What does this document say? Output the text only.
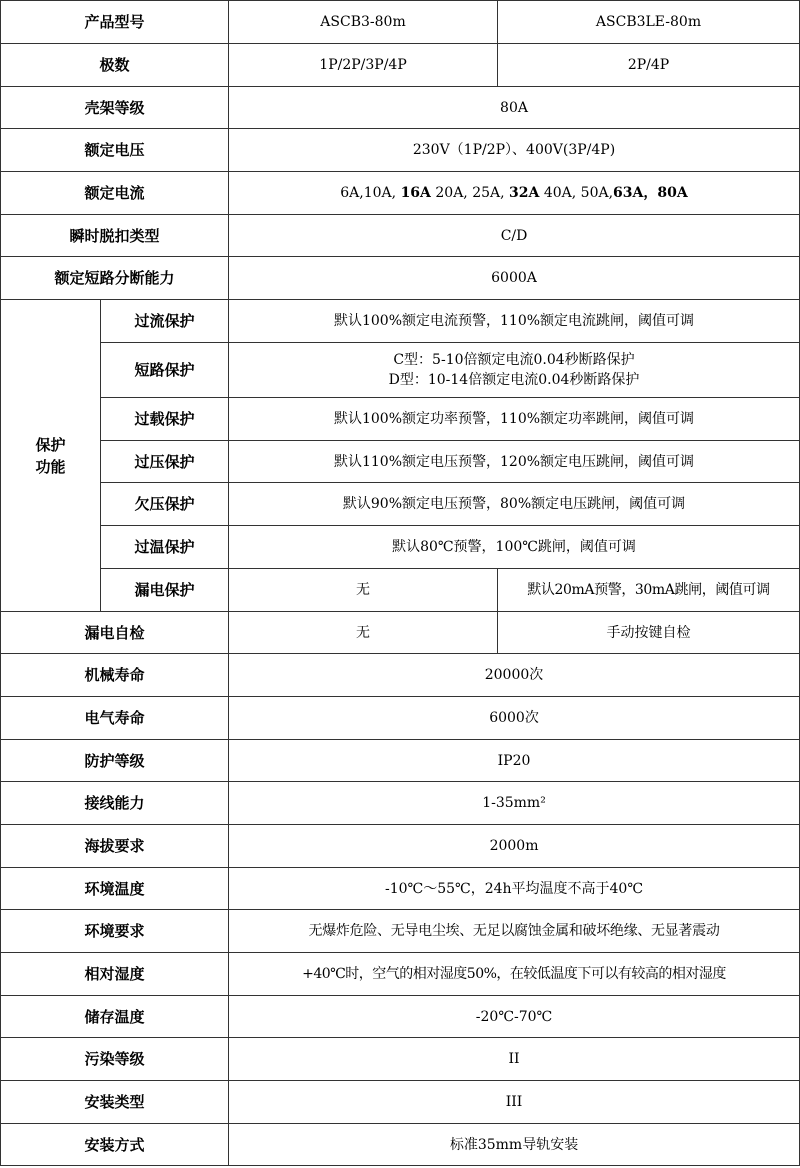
产品型号		ASCB3-80m	ASCB3LE-80m
极数		1P/2P/3P/4P	2P/4P
壳架等级		80A	
额定电压		230V（1P/2P）、400V(3P/4P)	
额定电流		6A,10A, 16A 20A, 25A, 32A 40A, 50A,63A，80A	
瞬时脱扣类型		C/D	
额定短路分断能力		6000A	
保护功能	过流保护	默认100%额定电流预警，110%额定电流跳闸，阈值可调	
	短路保护	C型：5-10倍额定电流0.04秒断路保护
D型：10-14倍额定电流0.04秒断路保护	

	过载保护	默认100%额定功率预警，110%额定功率跳闸，阈值可调	
	过压保护	默认110%额定电压预警，120%额定电压跳闸，阈值可调	
	欠压保护	默认90%额定电压预警，80%额定电压跳闸，阈值可调	
	过温保护	默认80℃预警，100℃跳闸，阈值可调	
	漏电保护	无	默认20mA预警，30mA跳闸，阈值可调
漏电自检		无	手动按键自检
机械寿命		20000次	
电气寿命		6000次	
防护等级		IP20	
接线能力		1-35mm²	
海拔要求		2000m	
环境温度		-10℃～55℃，24h平均温度不高于40℃	
环境要求		无爆炸危险、无导电尘埃、无足以腐蚀金属和破坏绝缘、无显著震动	
相对湿度		+40℃时，空气的相对湿度50%，在较低温度下可以有较高的相对湿度	
储存温度		-20℃-70℃	
污染等级		II	
安装类型		III	
安装方式		标准35mm导轨安装	
